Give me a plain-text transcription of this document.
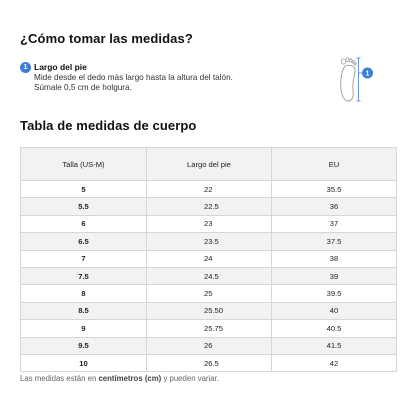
¿Cómo tomar las medidas?
1 Largo del pie
Mide desde el dedo más largo hasta la altura del talón. Súmale 0,5 cm de holgura.
1
Tabla de medidas de cuerpo
Talla (US-M)	Largo del pie	EU
5	22	35.5
5.5	22.5	36
6	23	37
6.5	23.5	37.5
7	24	38
7.5	24.5	39
8	25	39.5
8.5	25.50	40
9	25.75	40.5
9.5	26	41.5
10	26.5	42
Las medidas están en centímetros (cm) y pueden variar.
